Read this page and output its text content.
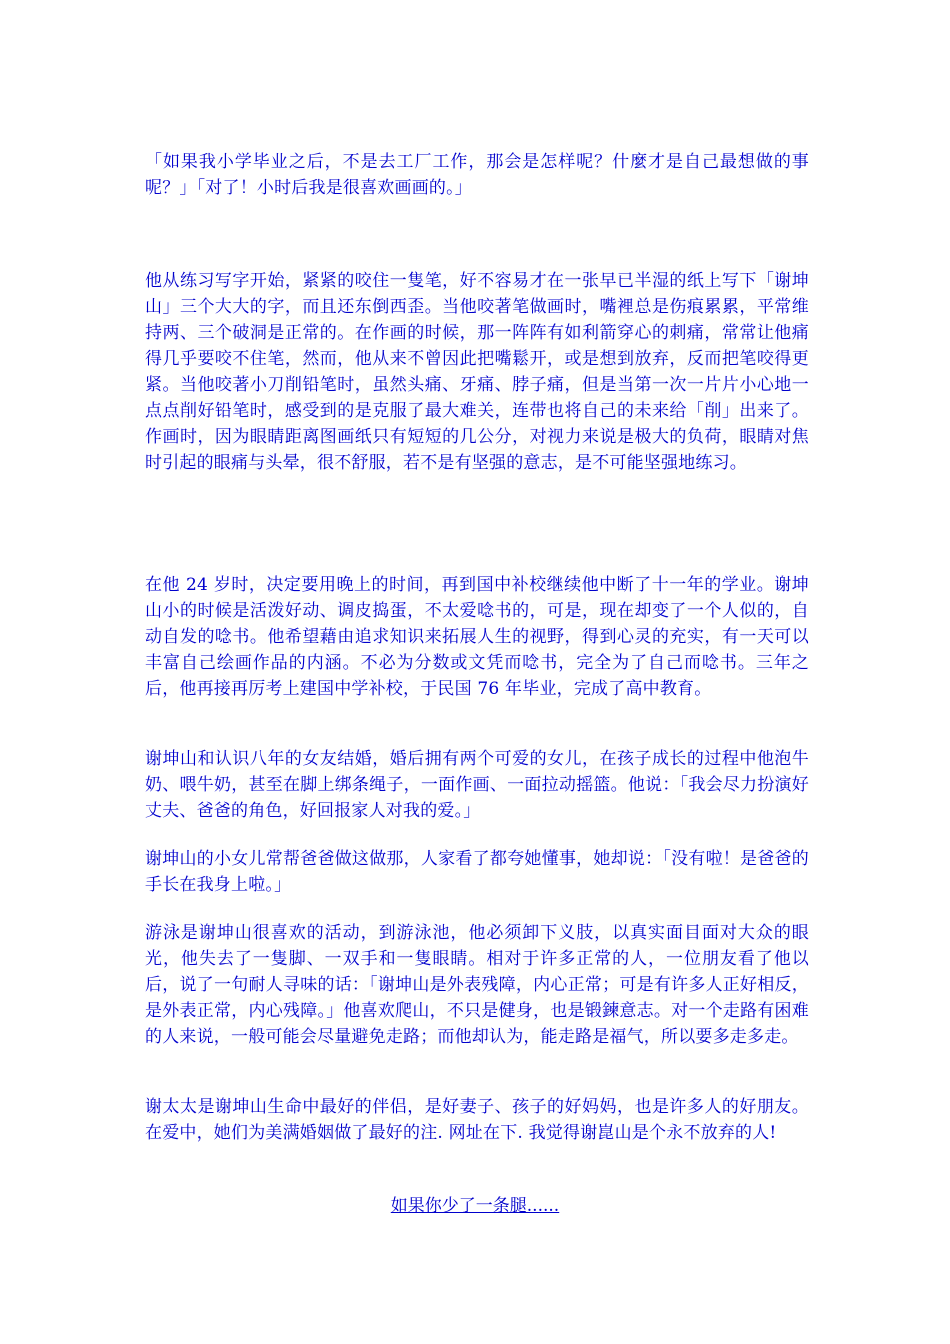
「如果我小学毕业之后，不是去工厂工作，那会是怎样呢？什麼才是自己最想做的事呢？」「对了！小时后我是很喜欢画画的。」

他从练习写字开始，紧紧的咬住一隻笔，好不容易才在一张早已半湿的纸上写下「谢坤山」三个大大的字，而且还东倒西歪。当他咬著笔做画时，嘴裡总是伤痕累累，平常维持两、三个破洞是正常的。在作画的时候，那一阵阵有如利箭穿心的刺痛，常常让他痛得几乎要咬不住笔，然而，他从来不曾因此把嘴鬆开，或是想到放弃，反而把笔咬得更紧。当他咬著小刀削铅笔时，虽然头痛、牙痛、脖子痛，但是当第一次一片片小心地一点点削好铅笔时，感受到的是克服了最大难关，连带也将自己的未来给「削」出来了。作画时，因为眼睛距离图画纸只有短短的几公分，对视力来说是极大的负荷，眼睛对焦时引起的眼痛与头晕，很不舒服，若不是有坚强的意志，是不可能坚强地练习。

在他 24 岁时，决定要用晚上的时间，再到国中补校继续他中断了十一年的学业。谢坤山小的时候是活泼好动、调皮捣蛋，不太爱唸书的，可是，现在却变了一个人似的，自动自发的唸书。他希望藉由追求知识来拓展人生的视野，得到心灵的充实，有一天可以丰富自己绘画作品的内涵。不必为分数或文凭而唸书，完全为了自己而唸书。三年之后，他再接再厉考上建国中学补校，于民国 76 年毕业，完成了高中教育。

谢坤山和认识八年的女友结婚，婚后拥有两个可爱的女儿，在孩子成长的过程中他泡牛奶、喂牛奶，甚至在脚上绑条绳子，一面作画、一面拉动摇篮。他说：「我会尽力扮演好丈夫、爸爸的角色，好回报家人对我的爱。」

谢坤山的小女儿常帮爸爸做这做那，人家看了都夸她懂事，她却说：「没有啦！是爸爸的手长在我身上啦。」

游泳是谢坤山很喜欢的活动，到游泳池，他必须卸下义肢，以真实面目面对大众的眼光，他失去了一隻脚、一双手和一隻眼睛。相对于许多正常的人，一位朋友看了他以后，说了一句耐人寻味的话：「谢坤山是外表残障，内心正常；可是有许多人正好相反，是外表正常，内心残障。」他喜欢爬山，不只是健身，也是锻鍊意志。对一个走路有困难的人来说，一般可能会尽量避免走路；而他却认为，能走路是福气，所以要多走多走。

谢太太是谢坤山生命中最好的伴侣，是好妻子、孩子的好妈妈，也是许多人的好朋友。在爱中，她们为美满婚姻做了最好的注. 网址在下. 我觉得谢崑山是个永不放弃的人!

如果你少了一条腿......
